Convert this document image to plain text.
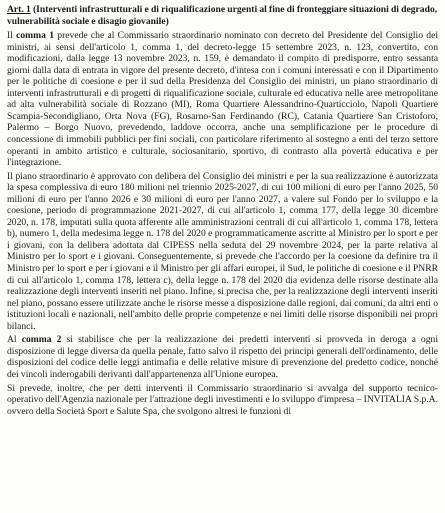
Art. 1 (Interventi infrastrutturali e di riqualificazione urgenti al fine di fronteggiare situazioni di degrado, vulnerabilità sociale e disagio giovanile)

Il comma 1 prevede che al Commissario straordinario nominato con decreto del Presidente del Consiglio dei ministri, ai sensi dell'articolo 1, comma 1, del decreto-legge 15 settembre 2023, n. 123, convertito, con modificazioni, dalla legge 13 novembre 2023, n. 159, è demandato il compito di predisporre, entro sessanta giorni dalla data di entrata in vigore del presente decreto, d'intesa con i comuni interessati e con il Dipartimento per le politiche di coesione e per il sud della Presidenza del Consiglio dei ministri, un piano straordinario di interventi infrastrutturali e di progetti di riqualificazione sociale, culturale ed educativa nelle aree metropolitane ad alta vulnerabilità sociale di Rozzano (MI), Roma Quartiere Alessandrino-Quarticciolo, Napoli Quartiere Scampia-Secondigliano, Orta Nova (FG), Rosarno-San Ferdinando (RC), Catania Quartiere San Cristoforo, Palermo – Borgo Nuovo, prevedendo, laddove occorra, anche una semplificazione per le procedure di concessione di immobili pubblici per fini sociali, con particolare riferimento al sostegno a enti del terzo settore operanti in ambito artistico e culturale, sociosanitario, sportivo, di contrasto alla povertà educativa e per l'integrazione.

Il piano straordinario è approvato con delibera del Consiglio dei ministri e per la sua realizzazione è autorizzata la spesa complessiva di euro 180 milioni nel triennio 2025-2027, di cui 100 milioni di euro per l'anno 2025, 50 milioni di euro per l'anno 2026 e 30 milioni di euro per l'anno 2027, a valere sul Fondo per lo sviluppo e la coesione, periodo di programmazione 2021-2027, di cui all'articolo 1, comma 177, della legge 30 dicembre 2020, n. 178, imputati sulla quota afferente alle amministrazioni centrali di cui all'articolo 1, comma 178, lettera b), numero 1, della medesima legge n. 178 del 2020 e programmaticamente ascritte al Ministro per lo sport e per i giovani, con la delibera adottata dal CIPESS nella seduta del 29 novembre 2024, per la parte relativa al Ministro per lo sport e i giovani. Conseguentemente, si prevede che l'accordo per la coesione da definire tra il Ministro per lo sport e per i giovani e il Ministro per gli affari europei, il Sud, le politiche di coesione e il PNRR di cui all'articolo 1, comma 178, lettera c), della legge n. 178 del 2020 dia evidenza delle risorse destinate alla realizzazione degli interventi inseriti nel piano. Infine, si precisa che, per la realizzazione degli interventi inseriti nel piano, possano essere utilizzate anche le risorse messe a disposizione dalle regioni, dai comuni, da altri enti o istituzioni locali e nazionali, nell'ambito delle proprie competenze e nei limiti delle risorse disponibili nei propri bilanci.

Al comma 2 si stabilisce che per la realizzazione dei predetti interventi si provveda in deroga a ogni disposizione di legge diversa da quella penale, fatto salvo il rispetto dei principi generali dell'ordinamento, delle disposizioni del codice delle leggi antimafia e delle relative misure di prevenzione del predetto codice, nonché dei vincoli inderogabili derivanti dall'appartenenza all'Unione europea.

Si prevede, inoltre, che per detti interventi il Commissario straordinario si avvalga del supporto tecnico-operativo dell'Agenzia nazionale per l'attrazione degli investimenti e lo sviluppo d'impresa – INVITALIA S.p.A. ovvero della Società Sport e Salute Spa, che svolgono altresì le funzioni di
